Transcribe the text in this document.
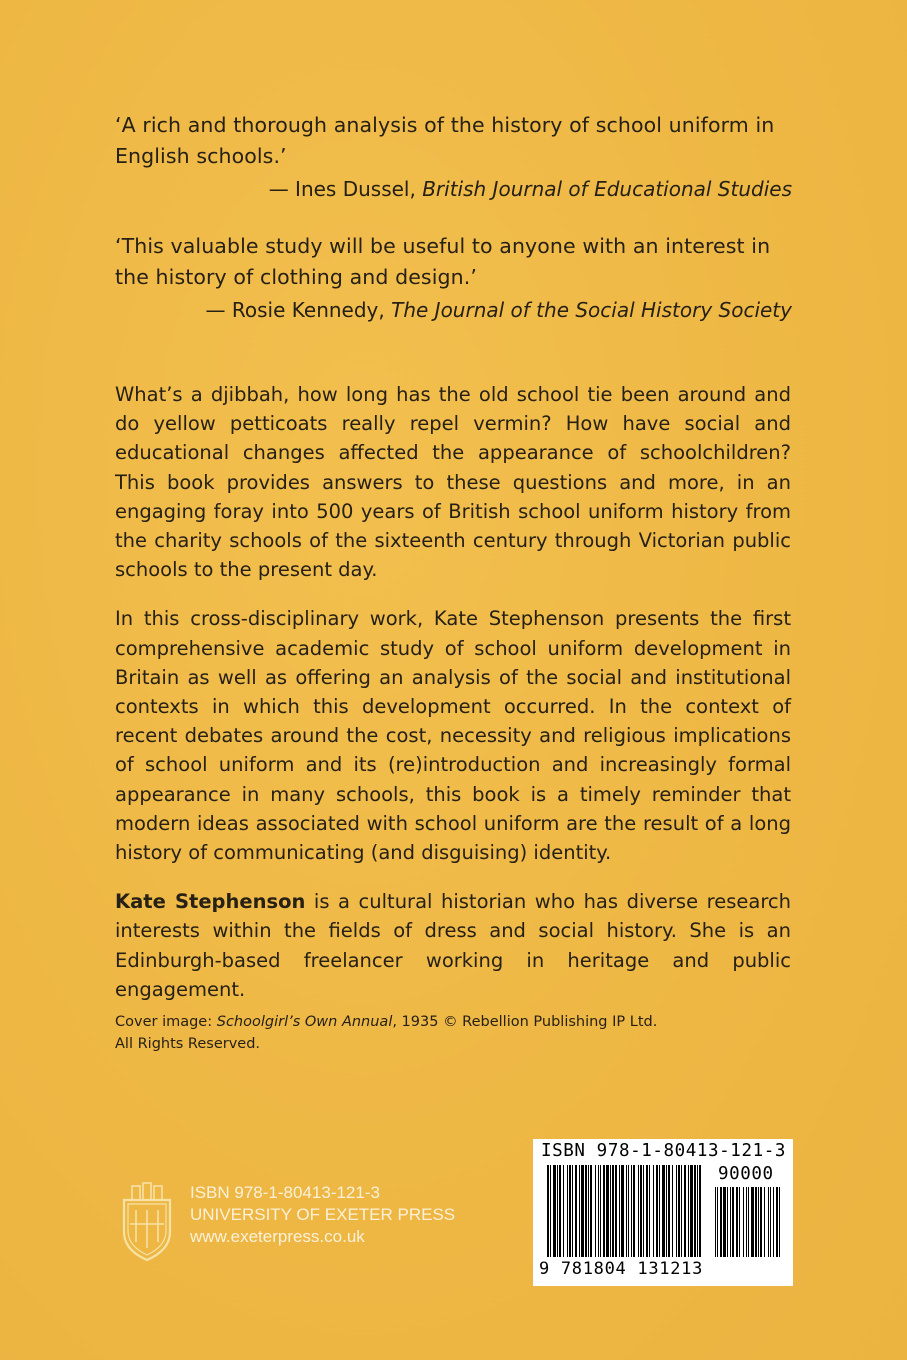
‘A rich and thorough analysis of the history of school uniform in English schools.’

— Ines Dussel, British Journal of Educational Studies

‘This valuable study will be useful to anyone with an interest in the history of clothing and design.’

— Rosie Kennedy, The Journal of the Social History Society

What’s a djibbah, how long has the old school tie been around and do yellow petticoats really repel vermin? How have social and educational changes affected the appearance of schoolchildren? This book provides answers to these questions and more, in an engaging foray into 500 years of British school uniform history from the charity schools of the sixteenth century through Victorian public schools to the present day.

In this cross-disciplinary work, Kate Stephenson presents the first comprehensive academic study of school uniform development in Britain as well as offering an analysis of the social and institutional contexts in which this development occurred. In the context of recent debates around the cost, necessity and religious implications of school uniform and its (re)introduction and increasingly formal appearance in many schools, this book is a timely reminder that modern ideas associated with school uniform are the result of a long history of communicating (and disguising) identity.

Kate Stephenson is a cultural historian who has diverse research interests within the fields of dress and social history. She is an Edinburgh-based freelancer working in heritage and public engagement.

Cover image: Schoolgirl’s Own Annual, 1935 © Rebellion Publishing IP Ltd.
All Rights Reserved.

ISBN 978-1-80413-121-3
UNIVERSITY OF EXETER PRESS
www.exeterpress.co.uk
ISBN 978-1-80413-121-3
90000
9 781804 131213
